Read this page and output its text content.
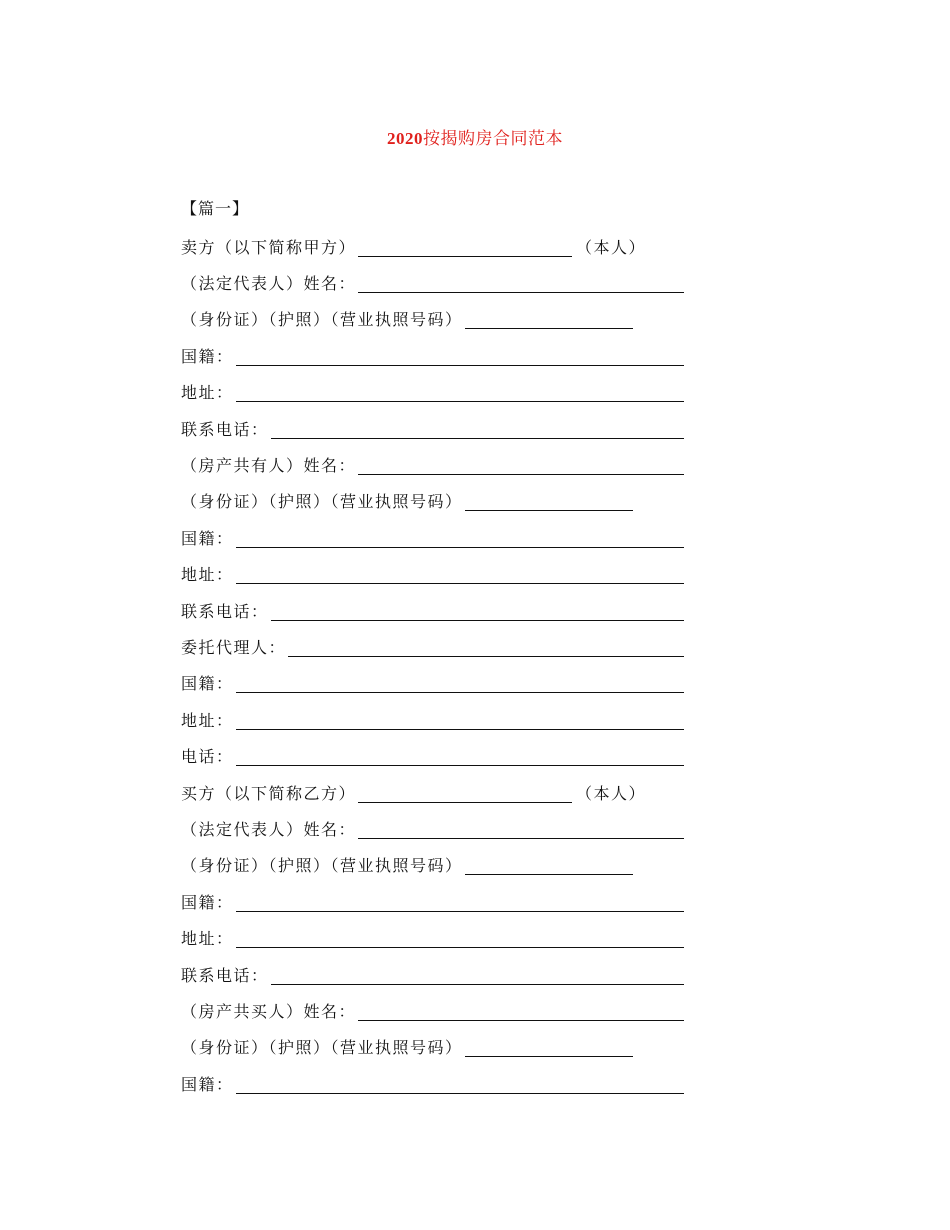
2020按揭购房合同范本
【篇一】
卖方（以下简称甲方）	（本人）
（法定代表人）姓名：
（身份证）（护照）（营业执照号码）
国籍：
地址：
联系电话：
（房产共有人）姓名：
（身份证）（护照）（营业执照号码）
国籍：
地址：
联系电话：
委托代理人：
国籍：
地址：
电话：
买方（以下简称乙方）	（本人）
（法定代表人）姓名：
（身份证）（护照）（营业执照号码）
国籍：
地址：
联系电话：
（房产共买人）姓名：
（身份证）（护照）（营业执照号码）
国籍：
